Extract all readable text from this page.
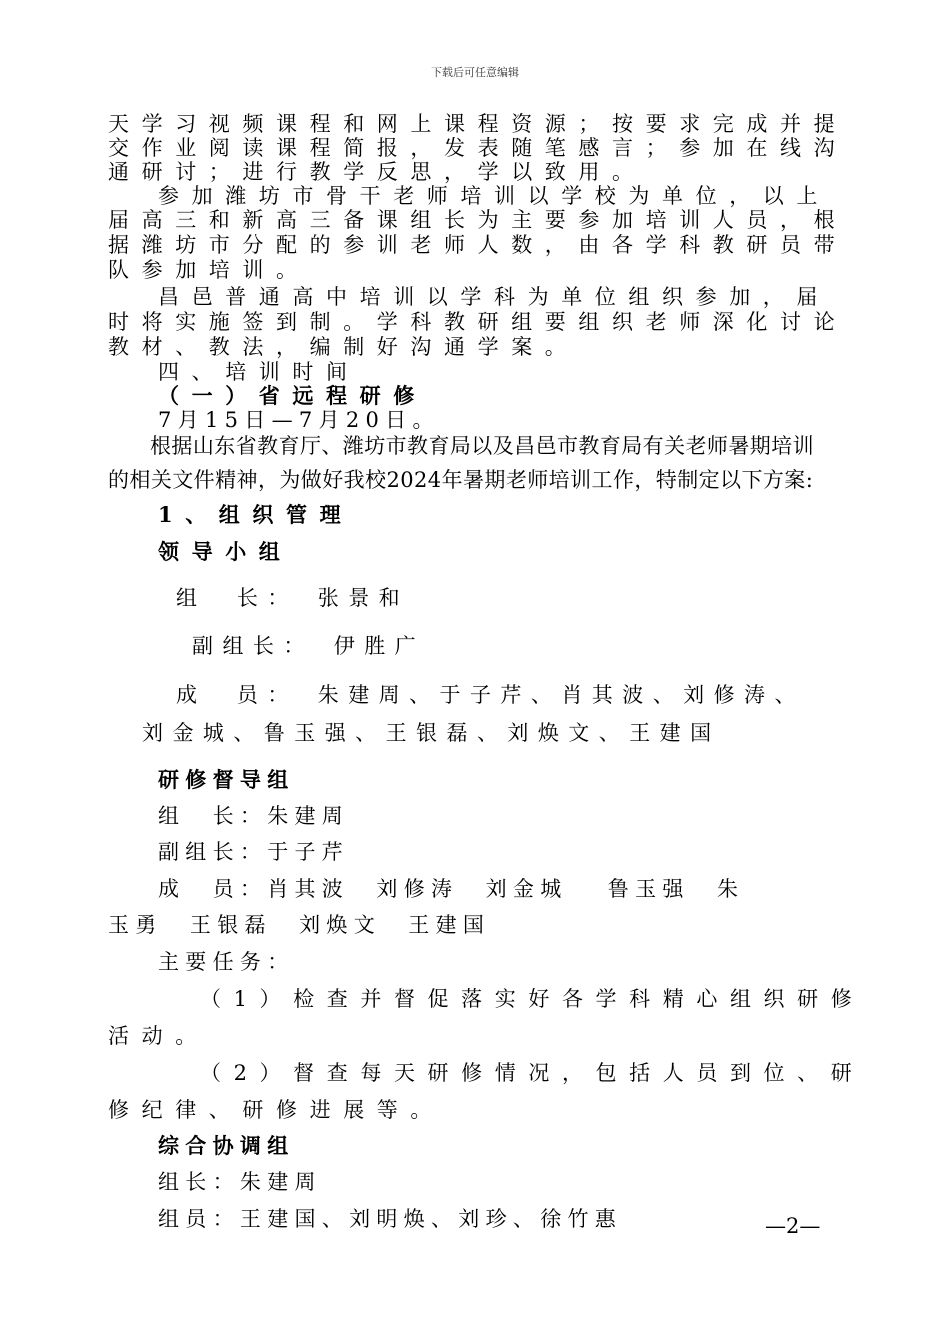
下载后可任意编辑
天学习视频课程和网上课程资源；按要求完成并提
交作业阅读课程简报，发表随笔感言；参加在线沟
通研讨；进行教学反思，学以致用。
参加潍坊市骨干老师培训以学校为单位，以上
届高三和新高三备课组长为主要参加培训人员，根
据潍坊市分配的参训老师人数，由各学科教研员带
队参加培训。
昌邑普通高中培训以学科为单位组织参加，届
时将实施签到制。学科教研组要组织老师深化讨论
教材、教法，编制好沟通学案。
四、培训时间
（一）省远程研修
7月15日—7月20日。
根据山东省教育厅、潍坊市教育局以及昌邑市教育局有关老师暑期培训
的相关文件精神，为做好我校2024年暑期老师培训工作，特制定以下方案:
1、组织管理
领导小组
组　长：　张景和
副组长：　伊胜广
成　员：　朱建周、于子芹、肖其波、刘修涛、
刘金城、鲁玉强、王银磊、刘焕文、王建国
研修督导组
组　长：朱建周
副组长：于子芹
成　员：肖其波　刘修涛　刘金城　 鲁玉强　朱
玉勇　王银磊　刘焕文　王建国
主要任务：
（1）检查并督促落实好各学科精心组织研修
活动。
（2）督查每天研修情况，包括人员到位、研
修纪律、研修进展等。
综合协调组
组长：朱建周
组员：王建国、刘明焕、刘珍、徐竹惠	—2—
